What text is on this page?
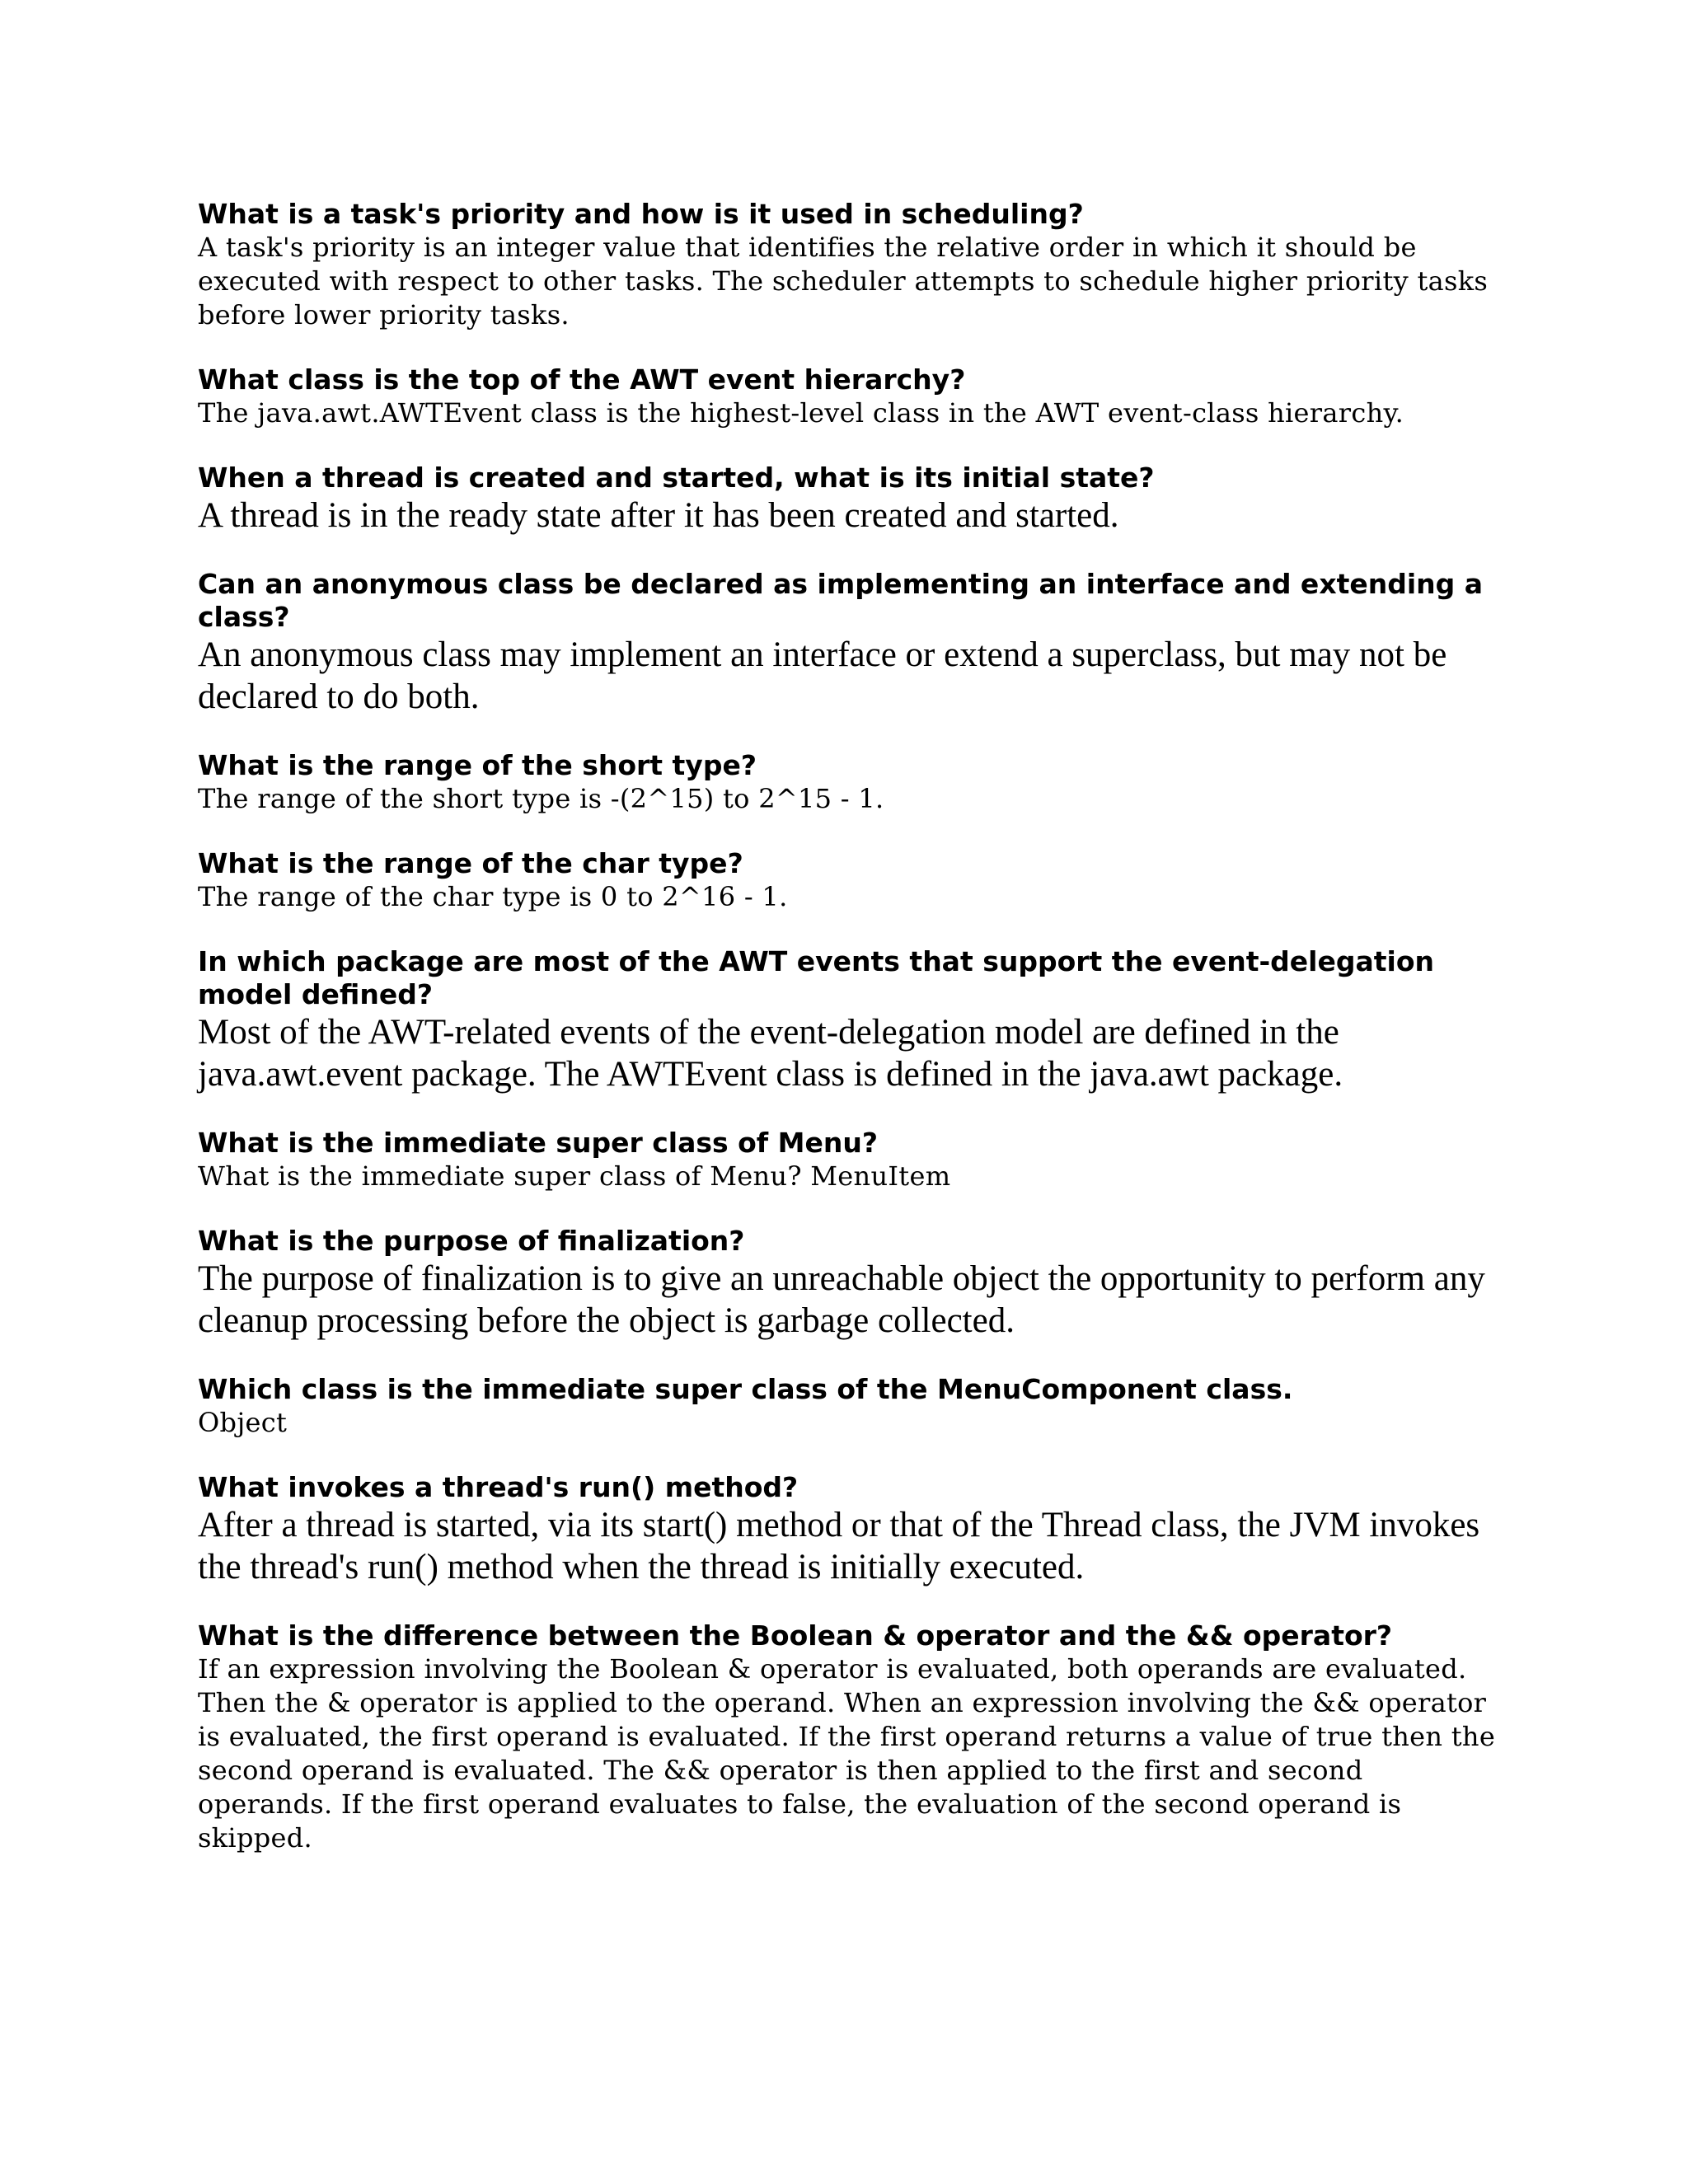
What is a task's priority and how is it used in scheduling?

A task's priority is an integer value that identifies the relative order in which it should be executed with respect to other tasks. The scheduler attempts to schedule higher priority tasks before lower priority tasks.

What class is the top of the AWT event hierarchy?

The java.awt.AWTEvent class is the highest-level class in the AWT event-class hierarchy.

When a thread is created and started, what is its initial state?

A thread is in the ready state after it has been created and started.

Can an anonymous class be declared as implementing an interface and extending a class?

An anonymous class may implement an interface or extend a superclass, but may not be declared to do both.

What is the range of the short type?

The range of the short type is -(2^15) to 2^15 - 1.

What is the range of the char type?

The range of the char type is 0 to 2^16 - 1.

In which package are most of the AWT events that support the event-delegation model defined?

Most of the AWT-related events of the event-delegation model are defined in the java.awt.event package. The AWTEvent class is defined in the java.awt package.

What is the immediate super class of Menu?

What is the immediate super class of Menu? MenuItem

What is the purpose of finalization?

The purpose of finalization is to give an unreachable object the opportunity to perform any cleanup processing before the object is garbage collected.

Which class is the immediate super class of the MenuComponent class.

Object

What invokes a thread's run() method?

After a thread is started, via its start() method or that of the Thread class, the JVM invokes the thread's run() method when the thread is initially executed.

What is the difference between the Boolean & operator and the && operator?

If an expression involving the Boolean & operator is evaluated, both operands are evaluated. Then the & operator is applied to the operand. When an expression involving the && operator is evaluated, the first operand is evaluated. If the first operand returns a value of true then the second operand is evaluated. The && operator is then applied to the first and second operands. If the first operand evaluates to false, the evaluation of the second operand is skipped.
